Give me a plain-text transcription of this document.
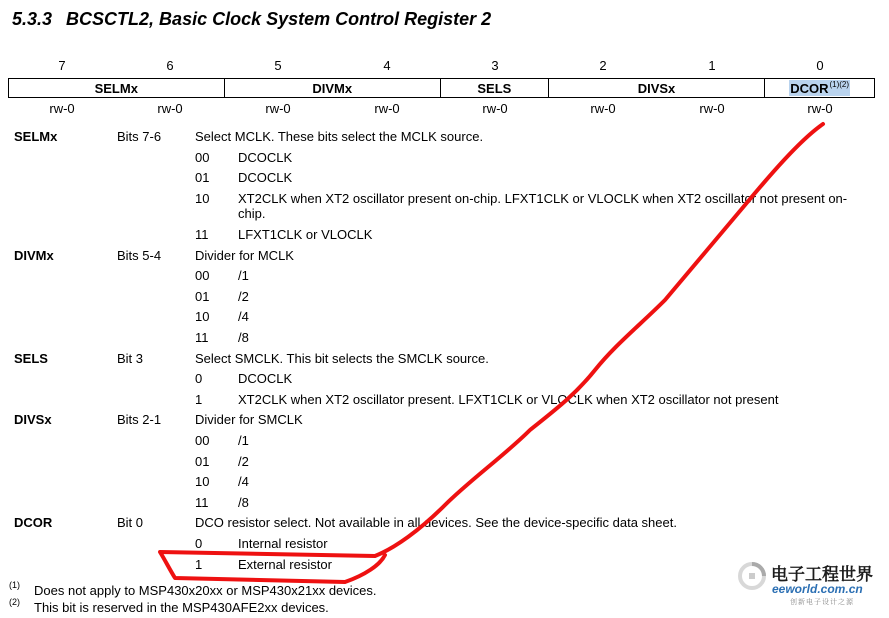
5.3.3 BCSCTL2, Basic Clock System Control Register 2
7	6	5	4	3	2	1	0
SELMx	DIVMx	SELS	DIVSx	$DCOR^{(1)(2)}$
rw-0	rw-0	rw-0	rw-0	rw-0	rw-0	rw-0	rw-0
SELMx	Bits 7-6	Select MCLK. These bits select the MCLK source.
00 DCOCLK
01 DCOCLK
10 XT2CLK when XT2 oscillator present on-chip. LFXT1CLK or VLOCLK when XT2 oscillator not present on-chip.
11 LFXT1CLK or VLOCLK
DIVMx	Bits 5-4	Divider for MCLK
00 /1
01 /2
10 /4
11 /8
SELS	Bit 3	Select SMCLK. This bit selects the SMCLK source.
0	DCOCLK
1	XT2CLK when XT2 oscillator present. LFXT1CLK or VLOCLK when XT2 oscillator not present
DIVSx	Bits 2-1	Divider for SMCLK
00 /1
01 /2
10 /4
11 /8
DCOR	Bit 0	DCO resistor select. Not available in all devices. See the device-specific data sheet.
0	Internal resistor
1	External resistor
(1) Does not apply to MSP430x20xx or MSP430x21xx devices.
(2) This bit is reserved in the MSP430AFE2xx devices.
电子工程世界
eeworld.com.cn
创新电子设计之源
